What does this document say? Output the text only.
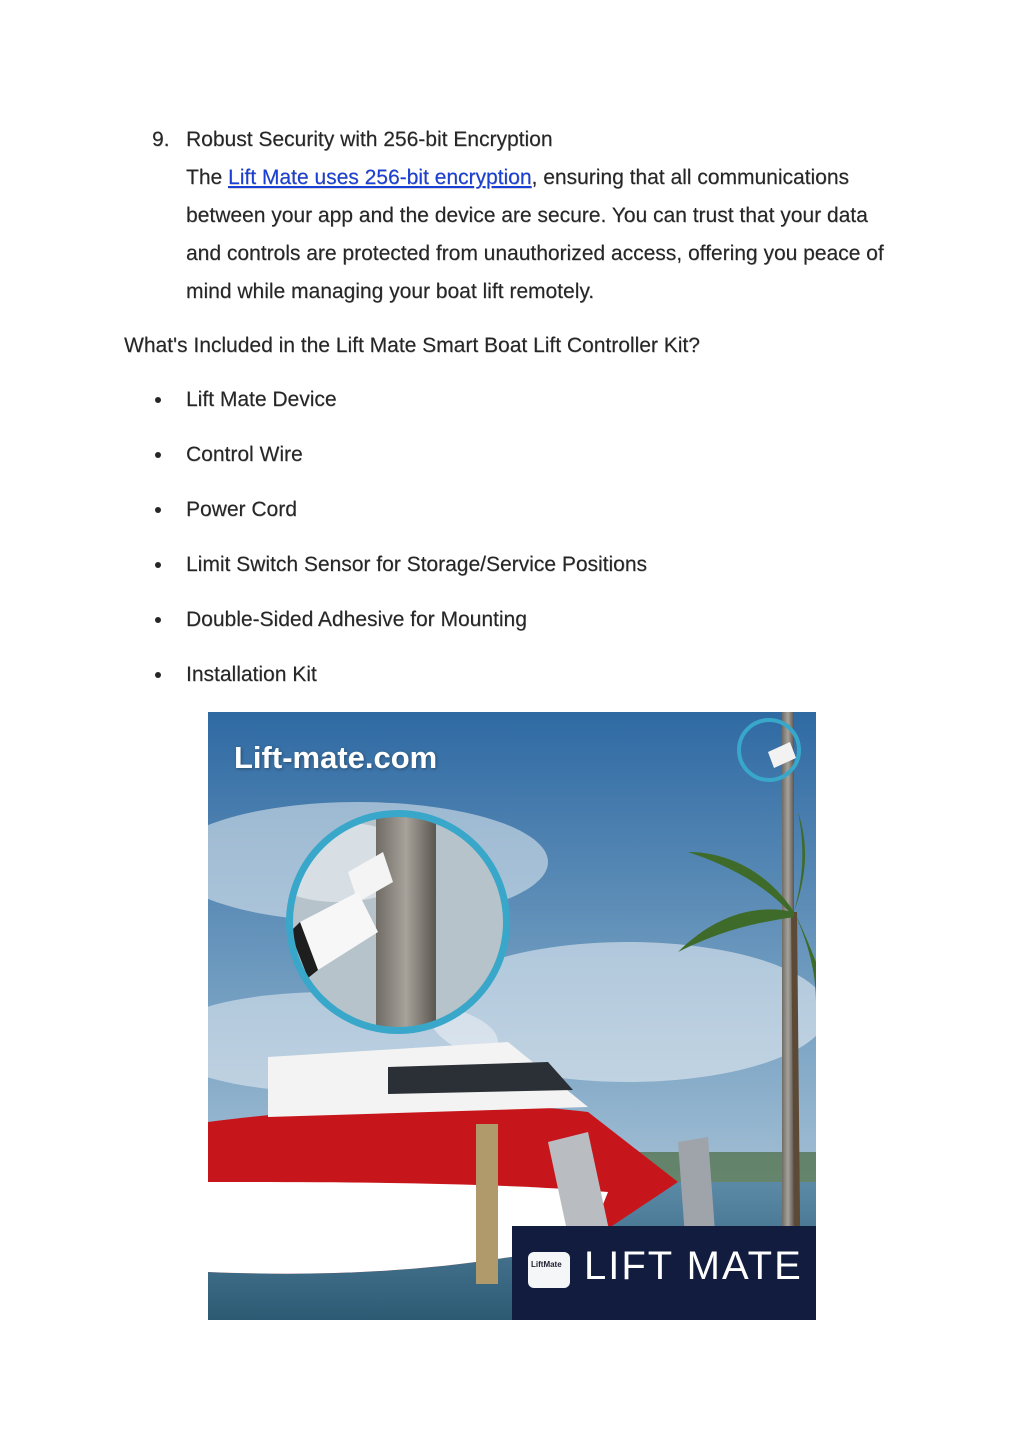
9. Robust Security with 256-bit Encryption
The Lift Mate uses 256-bit encryption, ensuring that all communications between your app and the device are secure. You can trust that your data and controls are protected from unauthorized access, offering you peace of mind while managing your boat lift remotely.
What's Included in the Lift Mate Smart Boat Lift Controller Kit?
Lift Mate Device
Control Wire
Power Cord
Limit Switch Sensor for Storage/Service Positions
Double-Sided Adhesive for Mounting
Installation Kit
Lift-mate.com
LiftMate LIFT MATE
